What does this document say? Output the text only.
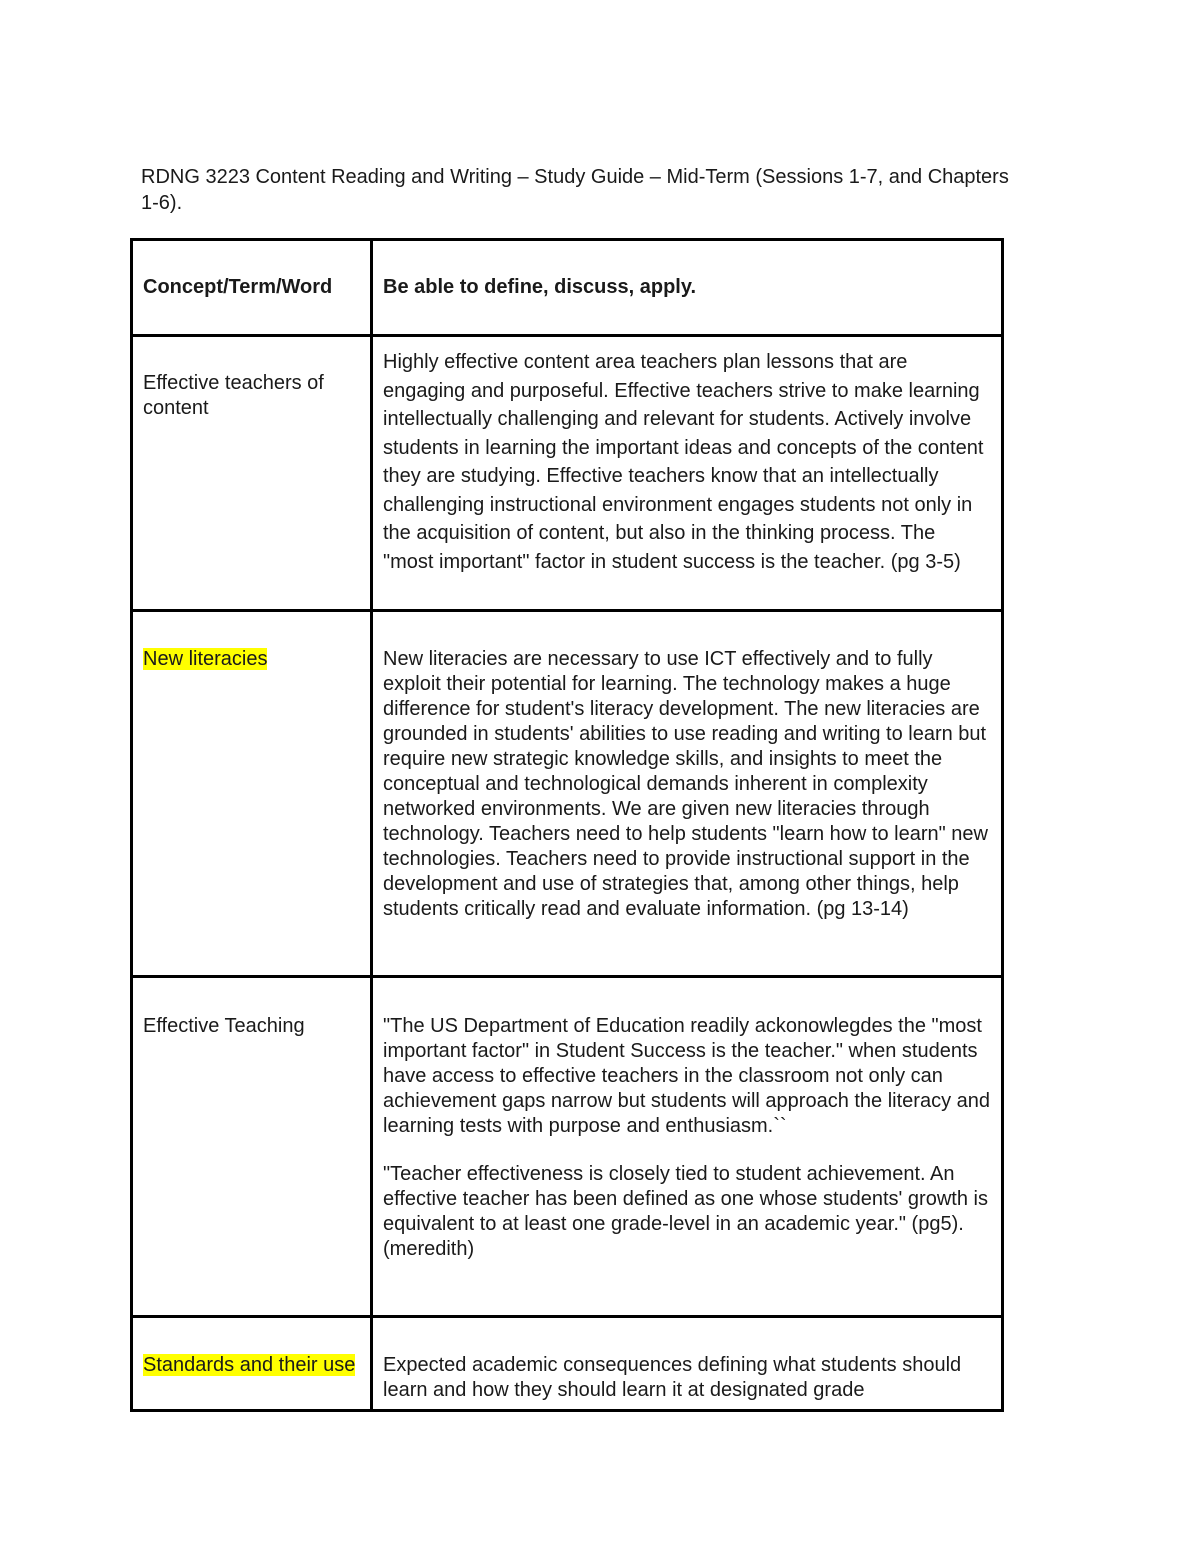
RDNG 3223 Content Reading and Writing – Study Guide – Mid-Term (Sessions 1-7, and Chapters 1-6).

Concept/Term/Word	Be able to define, discuss, apply.

Effective teachers of content	Highly effective content area teachers plan lessons that are engaging and purposeful. Effective teachers strive to make learning intellectually challenging and relevant for students. Actively involve students in learning the important ideas and concepts of the content they are studying. Effective teachers know that an intellectually challenging instructional environment engages students not only in the acquisition of content, but also in the thinking process. The "most important" factor in student success is the teacher. (pg 3-5)

New literacies	New literacies are necessary to use ICT effectively and to fully exploit their potential for learning. The technology makes a huge difference for student's literacy development. The new literacies are grounded in students' abilities to use reading and writing to learn but require new strategic knowledge skills, and insights to meet the conceptual and technological demands inherent in complexity networked environments. We are given new literacies through technology. Teachers need to help students "learn how to learn" new technologies. Teachers need to provide instructional support in the development and use of strategies that, among other things, help students critically read and evaluate information. (pg 13-14)

Effective Teaching	"The US Department of Education readily ackonowlegdes the "most important factor" in Student Success is the teacher." when students have access to effective teachers in the classroom not only can achievement gaps narrow but students will approach the literacy and learning tests with purpose and enthusiasm.``

"Teacher effectiveness is closely tied to student achievement. An effective teacher has been defined as one whose students' growth is equivalent to at least one grade-level in an academic year." (pg5). (meredith)

Standards and their use	Expected academic consequences defining what students should learn and how they should learn it at designated grade
